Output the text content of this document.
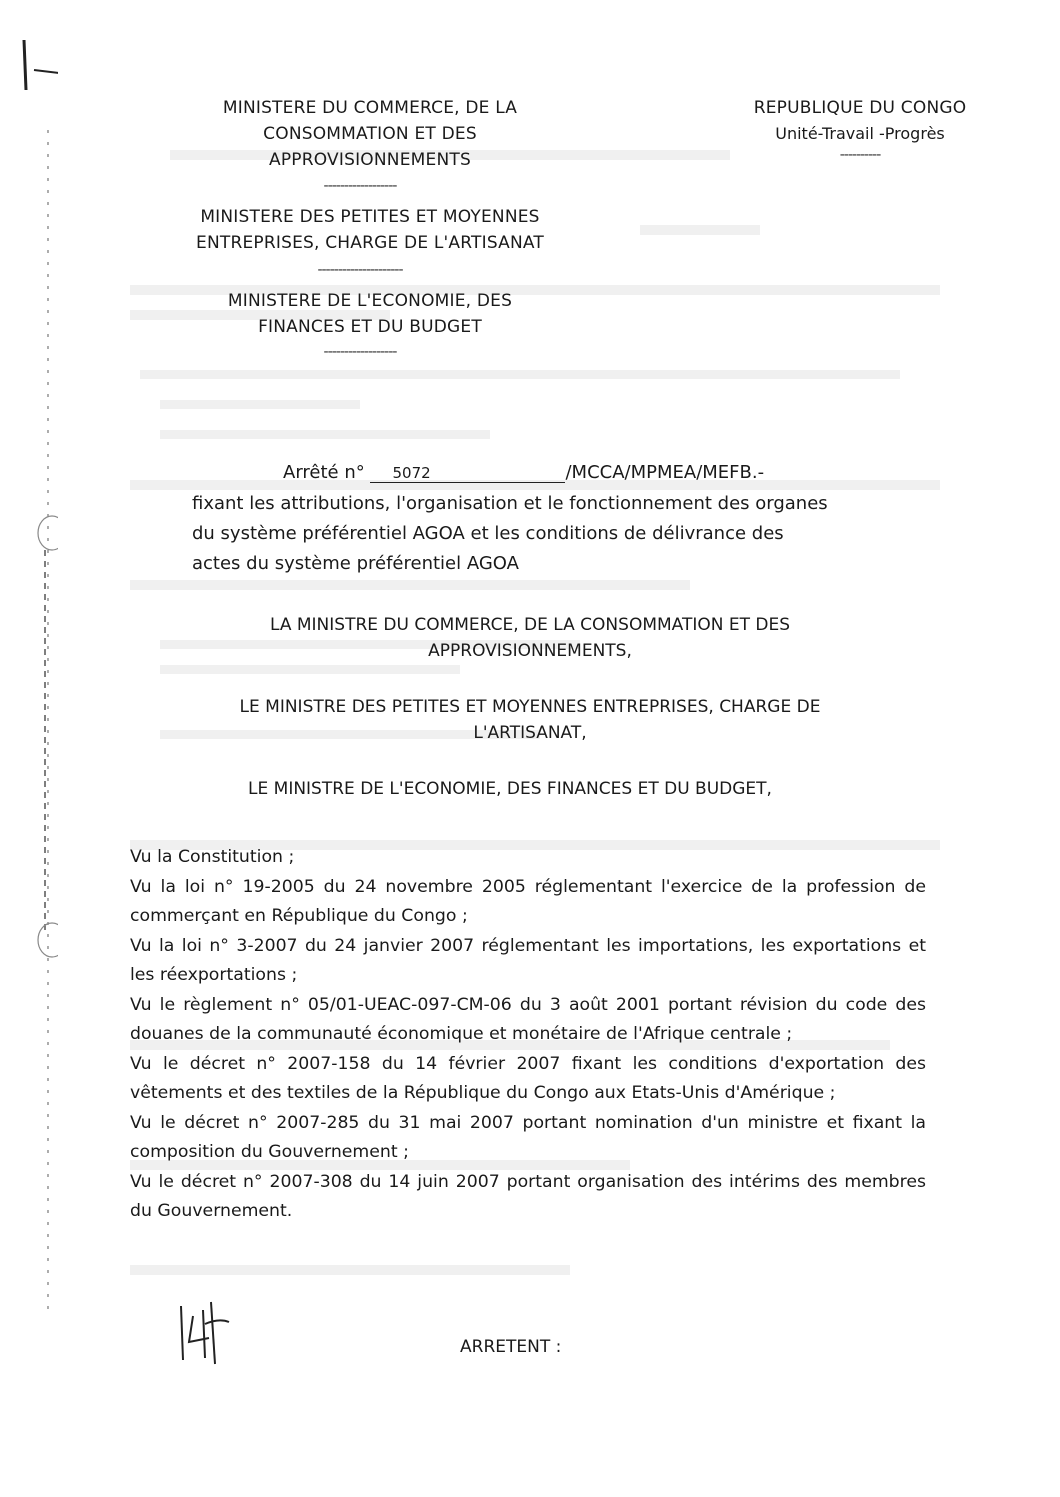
MINISTERE DU COMMERCE, DE LA
CONSOMMATION ET DES
APPROVISIONNEMENTS
------------------
MINISTERE DES PETITES ET MOYENNES
ENTREPRISES, CHARGE DE L'ARTISANAT
---------------------
MINISTERE DE L'ECONOMIE, DES
FINANCES ET DU BUDGET
------------------
REPUBLIQUE DU CONGO
Unité-Travail -Progrès
----------
Arrêté n° 5072	/MCCA/MPMEA/MEFB.-
fixant les attributions, l'organisation et le fonctionnement des organes
du système préférentiel AGOA et les conditions de délivrance des
actes du système préférentiel AGOA
LA MINISTRE DU COMMERCE, DE LA CONSOMMATION ET DES
APPROVISIONNEMENTS,
LE MINISTRE DES PETITES ET MOYENNES ENTREPRISES, CHARGE DE
L'ARTISANAT,
LE MINISTRE DE L'ECONOMIE, DES FINANCES ET DU BUDGET,

Vu la Constitution ;

Vu la loi n° 19-2005 du 24 novembre 2005 réglementant l'exercice de la profession de commerçant en République du Congo ;

Vu la loi n° 3-2007 du 24 janvier 2007 réglementant les importations, les exportations et les réexportations ;

Vu le règlement n° 05/01-UEAC-097-CM-06 du 3 août 2001 portant révision du code des douanes de la communauté économique et monétaire de l'Afrique centrale ;

Vu le décret n° 2007-158 du 14 février 2007 fixant les conditions d'exportation des vêtements et des textiles de la République du Congo aux Etats-Unis d'Amérique ;

Vu le décret n° 2007-285 du 31 mai 2007 portant nomination d'un ministre et fixant la composition du Gouvernement ;

Vu le décret n° 2007-308 du 14 juin 2007 portant organisation des intérims des membres du Gouvernement.

ARRETENT :
